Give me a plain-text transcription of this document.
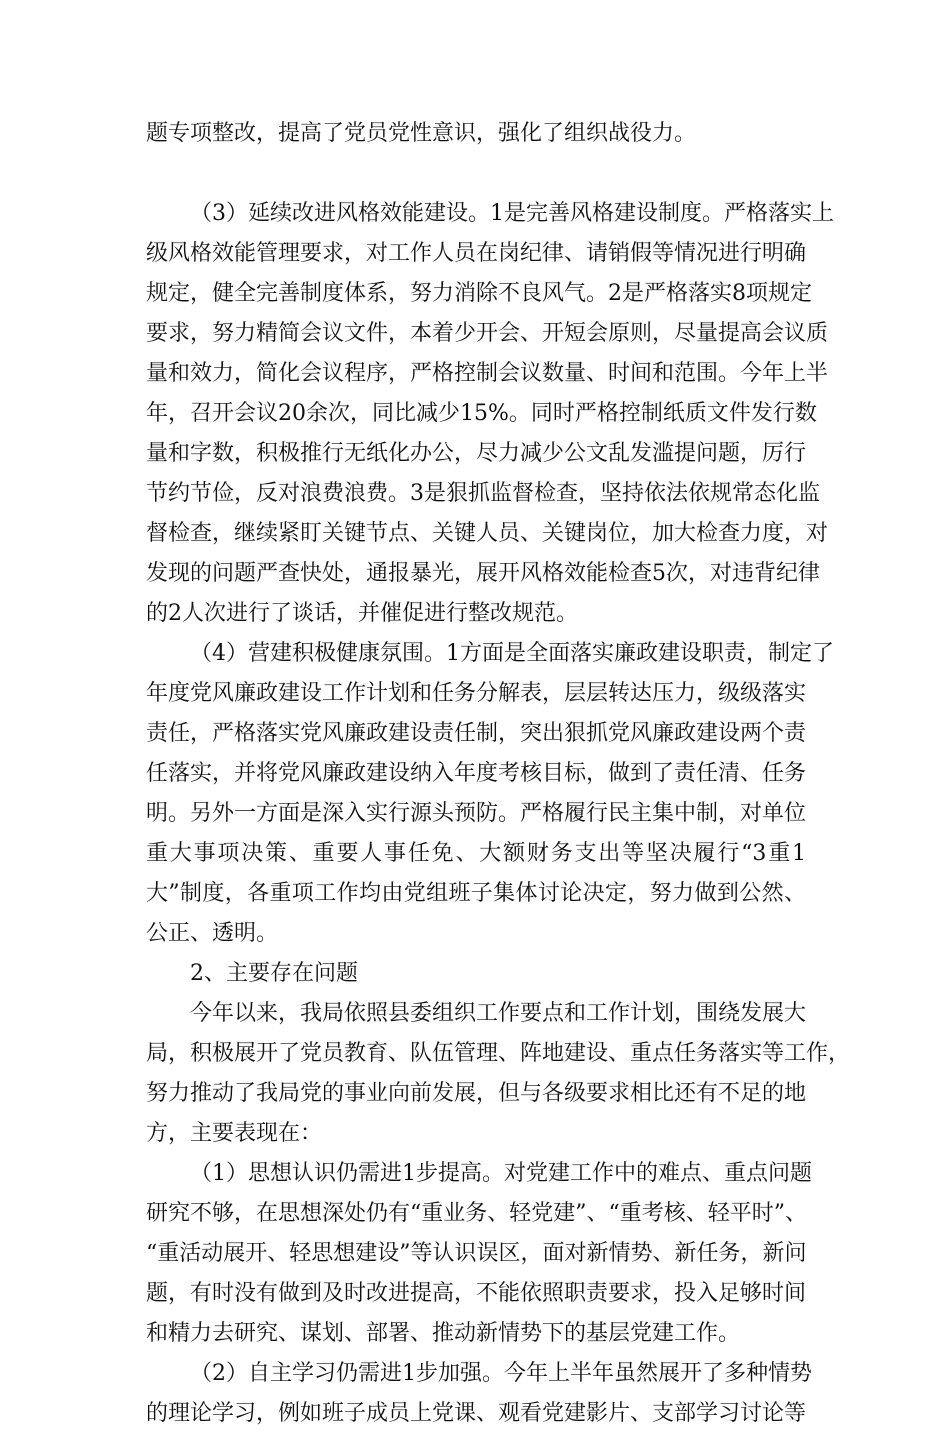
题专项整改，提高了党员党性意识，强化了组织战役力。
（3）延续改进风格效能建设。1是完善风格建设制度。严格落实上
级风格效能管理要求，对工作人员在岗纪律、请销假等情况进行明确
规定，健全完善制度体系，努力消除不良风气。2是严格落实8项规定
要求，努力精简会议文件，本着少开会、开短会原则，尽量提高会议质
量和效力，简化会议程序，严格控制会议数量、时间和范围。今年上半
年，召开会议20余次，同比减少15%。同时严格控制纸质文件发行数
量和字数，积极推行无纸化办公，尽力减少公文乱发滥提问题，厉行
节约节俭，反对浪费浪费。3是狠抓监督检查，坚持依法依规常态化监
督检查，继续紧盯关键节点、关键人员、关键岗位，加大检查力度，对
发现的问题严查快处，通报暴光，展开风格效能检查5次，对违背纪律
的2人次进行了谈话，并催促进行整改规范。
（4）营建积极健康氛围。1方面是全面落实廉政建设职责，制定了
年度党风廉政建设工作计划和任务分解表，层层转达压力，级级落实
责任，严格落实党风廉政建设责任制，突出狠抓党风廉政建设两个责
任落实，并将党风廉政建设纳入年度考核目标，做到了责任清、任务
明。另外一方面是深入实行源头预防。严格履行民主集中制，对单位
重大事项决策、重要人事任免、大额财务支出等坚决履行“3重1
大”制度，各重项工作均由党组班子集体讨论决定，努力做到公然、
公正、透明。
2、主要存在问题
今年以来，我局依照县委组织工作要点和工作计划，围绕发展大
局，积极展开了党员教育、队伍管理、阵地建设、重点任务落实等工作，
努力推动了我局党的事业向前发展，但与各级要求相比还有不足的地
方，主要表现在：
（1）思想认识仍需进1步提高。对党建工作中的难点、重点问题
研究不够，在思想深处仍有“重业务、轻党建”、“重考核、轻平时”、
“重活动展开、轻思想建设”等认识误区，面对新情势、新任务，新问
题，有时没有做到及时改进提高，不能依照职责要求，投入足够时间
和精力去研究、谋划、部署、推动新情势下的基层党建工作。
（2）自主学习仍需进1步加强。今年上半年虽然展开了多种情势
的理论学习，例如班子成员上党课、观看党建影片、支部学习讨论等
